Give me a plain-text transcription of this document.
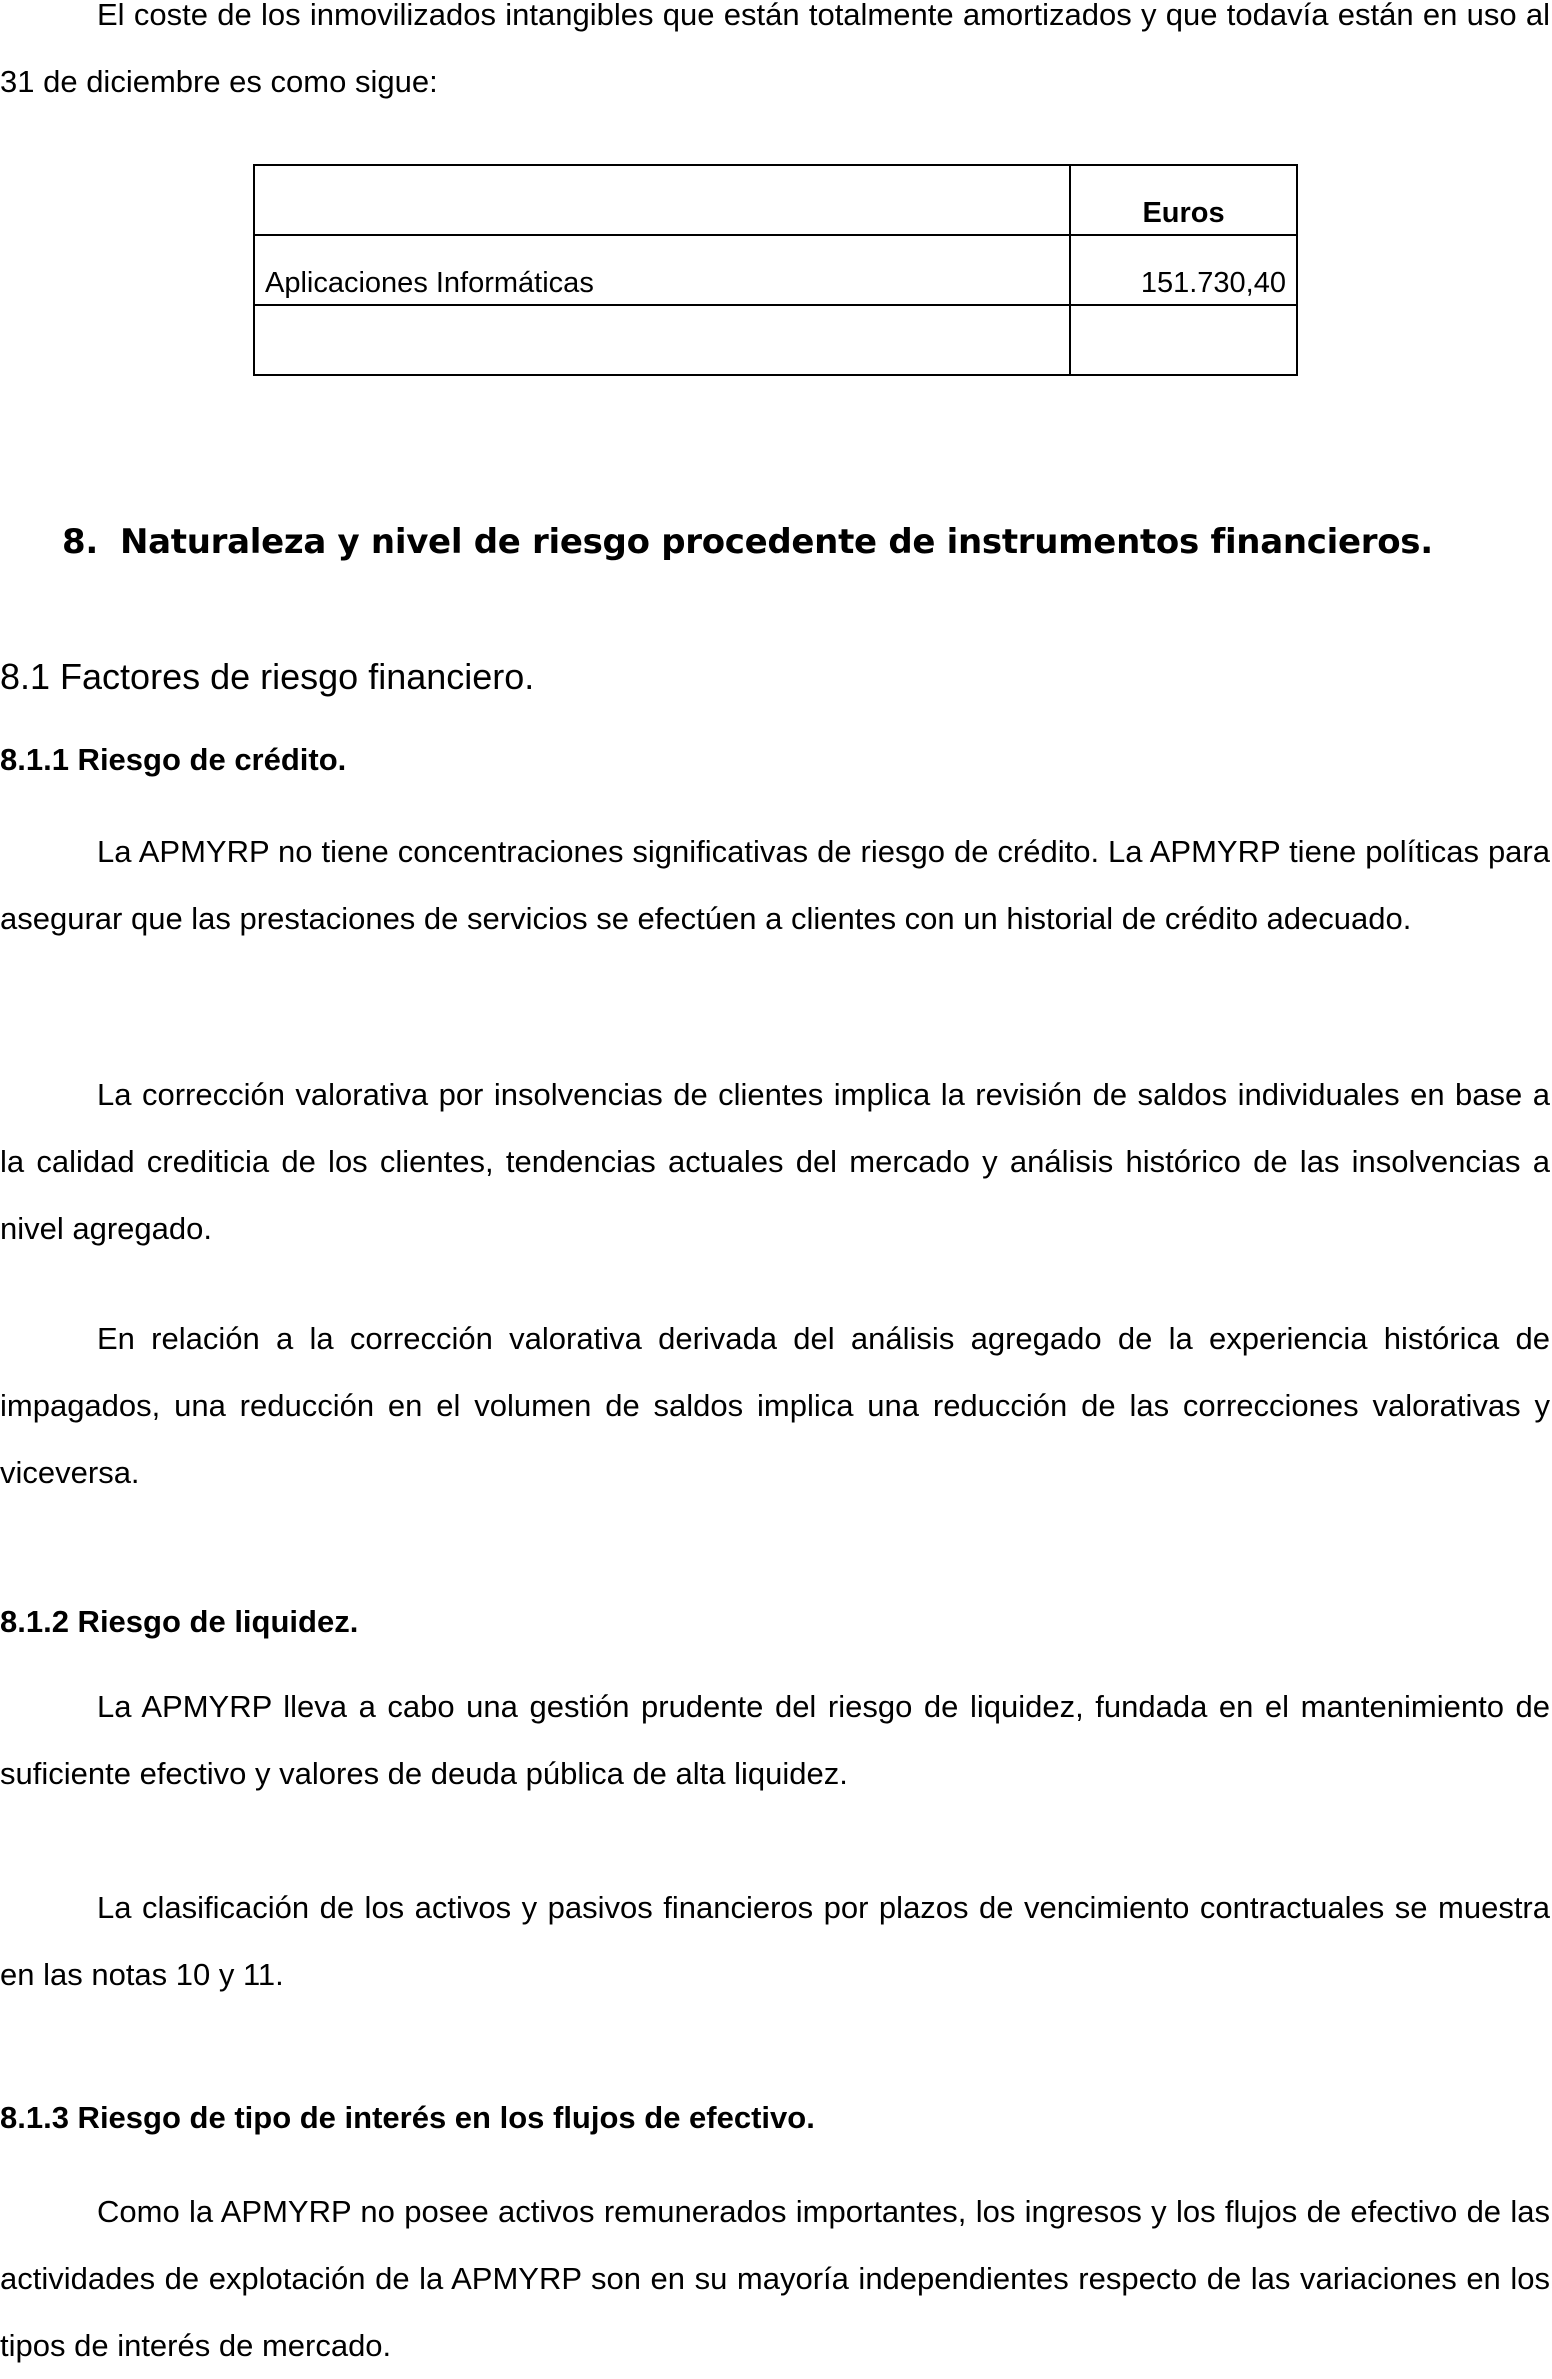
El coste de los inmovilizados intangibles que están totalmente amortizados y que todavía están en uso al 31 de diciembre es como sigue:

	Euros
Aplicaciones Informáticas	151.730,40

8. Naturaleza y nivel de riesgo procedente de instrumentos financieros.
8.1 Factores de riesgo financiero.
8.1.1 Riesgo de crédito.

La APMYRP no tiene concentraciones significativas de riesgo de crédito. La APMYRP tiene políticas para asegurar que las prestaciones de servicios se efectúen a clientes con un historial de crédito adecuado.

La corrección valorativa por insolvencias de clientes implica la revisión de saldos individuales en base a la calidad crediticia de los clientes, tendencias actuales del mercado y análisis histórico de las insolvencias a nivel agregado.

En relación a la corrección valorativa derivada del análisis agregado de la experiencia histórica de impagados, una reducción en el volumen de saldos implica una reducción de las correcciones valorativas y viceversa.

8.1.2 Riesgo de liquidez.

La APMYRP lleva a cabo una gestión prudente del riesgo de liquidez, fundada en el mantenimiento de suficiente efectivo y valores de deuda pública de alta liquidez.

La clasificación de los activos y pasivos financieros por plazos de vencimiento contractuales se muestra en las notas 10 y 11.

8.1.3 Riesgo de tipo de interés en los flujos de efectivo.

Como la APMYRP no posee activos remunerados importantes, los ingresos y los flujos de efectivo de las actividades de explotación de la APMYRP son en su mayoría independientes respecto de las variaciones en los tipos de interés de mercado.
